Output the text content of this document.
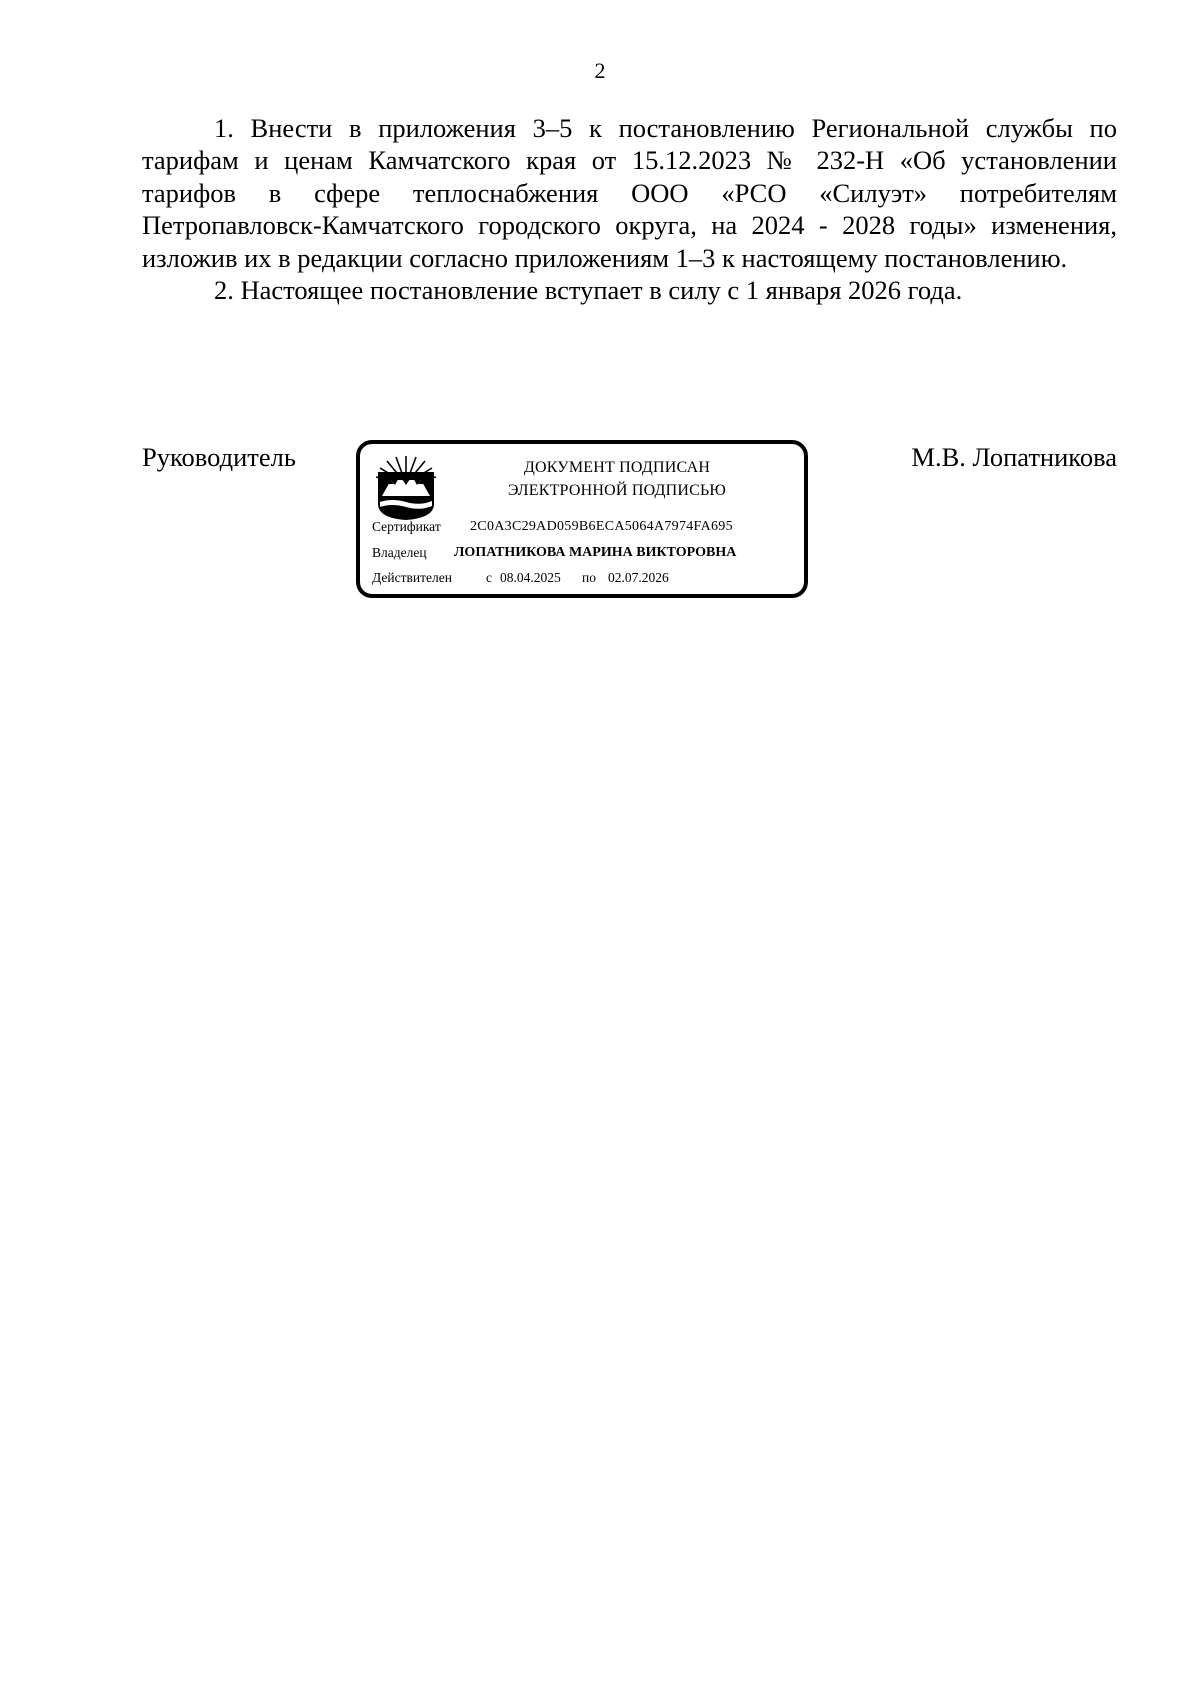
2

1. Внести в приложения 3–5 к постановлению Региональной службы по тарифам и ценам Камчатского края от 15.12.2023 № 232-Н «Об установлении тарифов в сфере теплоснабжения ООО «РСО «Силуэт» потребителям Петропавловск-Камчатского городского округа, на 2024 - 2028 годы» изменения, изложив их в редакции согласно приложениям 1–3 к настоящему постановлению.

2. Настоящее постановление вступает в силу с 1 января 2026 года.

Руководитель	ДОКУМЕНТ ПОДПИСАН
ЭЛЕКТРОННОЙ ПОДПИСЬЮ
Сертификат 2C0A3C29AD059B6ECA5064A7974FA695
Владелец ЛОПАТНИКОВА МАРИНА ВИКТОРОВНА
Действителен	с 08.04.2025 по 02.07.2026
М.В. Лопатникова
